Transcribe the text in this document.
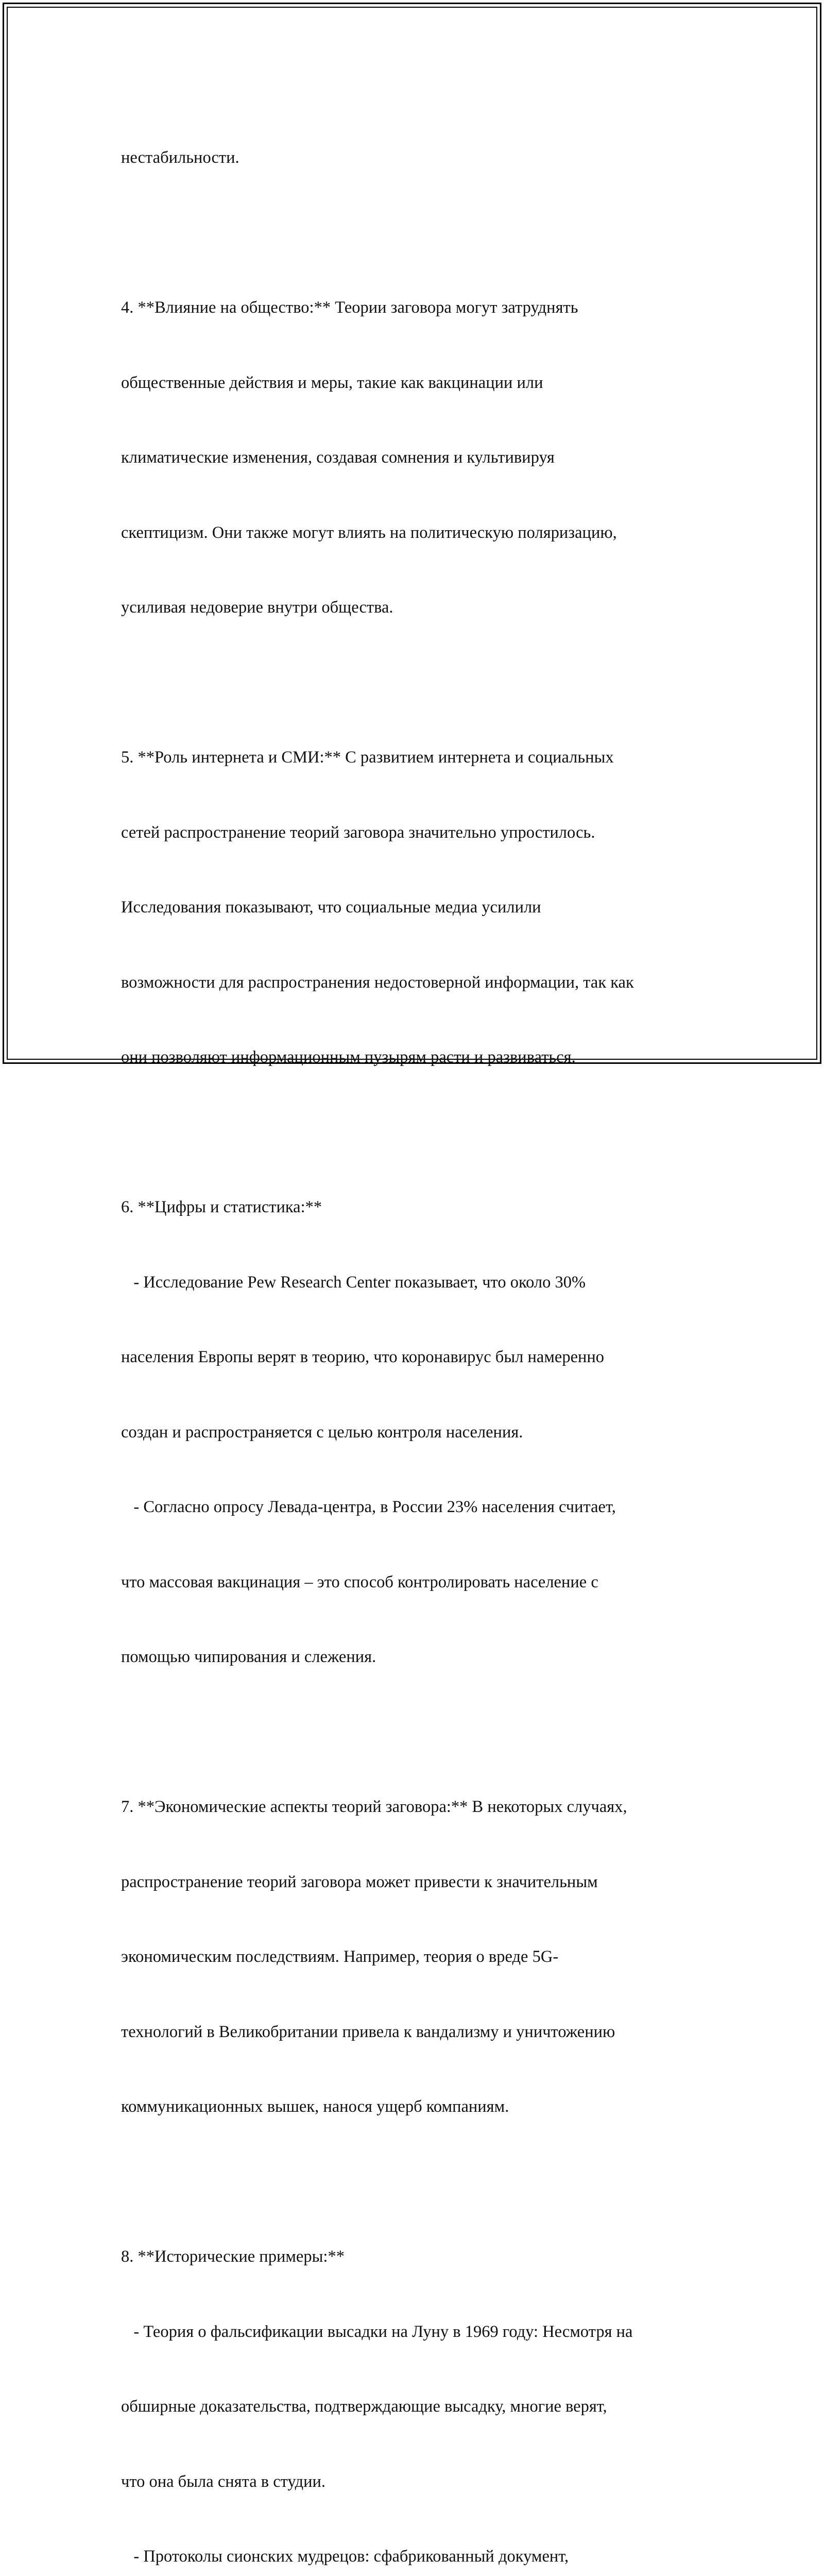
нестабильности.

4. **Влияние на общество:** Теории заговора могут затруднять

общественные действия и меры, такие как вакцинации или

климатические изменения, создавая сомнения и культивируя

скептицизм. Они также могут влиять на политическую поляризацию,

усиливая недоверие внутри общества.

5. **Роль интернета и СМИ:** С развитием интернета и социальных

сетей распространение теорий заговора значительно упростилось.

Исследования показывают, что социальные медиа усилили

возможности для распространения недостоверной информации, так как

они позволяют информационным пузырям расти и развиваться.

6. **Цифры и статистика:**

- Исследование Pew Research Center показывает, что около 30%

населения Европы верят в теорию, что коронавирус был намеренно

создан и распространяется с целью контроля населения.

- Согласно опросу Левада-центра, в России 23% населения считает,

что массовая вакцинация – это способ контролировать население с

помощью чипирования и слежения.

7. **Экономические аспекты теорий заговора:** В некоторых случаях,

распространение теорий заговора может привести к значительным

экономическим последствиям. Например, теория о вреде 5G-

технологий в Великобритании привела к вандализму и уничтожению

коммуникационных вышек, нанося ущерб компаниям.

8. **Исторические примеры:**

- Теория о фальсификации высадки на Луну в 1969 году: Несмотря на

обширные доказательства, подтверждающие высадку, многие верят,

что она была снята в студии.

- Протоколы сионских мудрецов: сфабрикованный документ,
